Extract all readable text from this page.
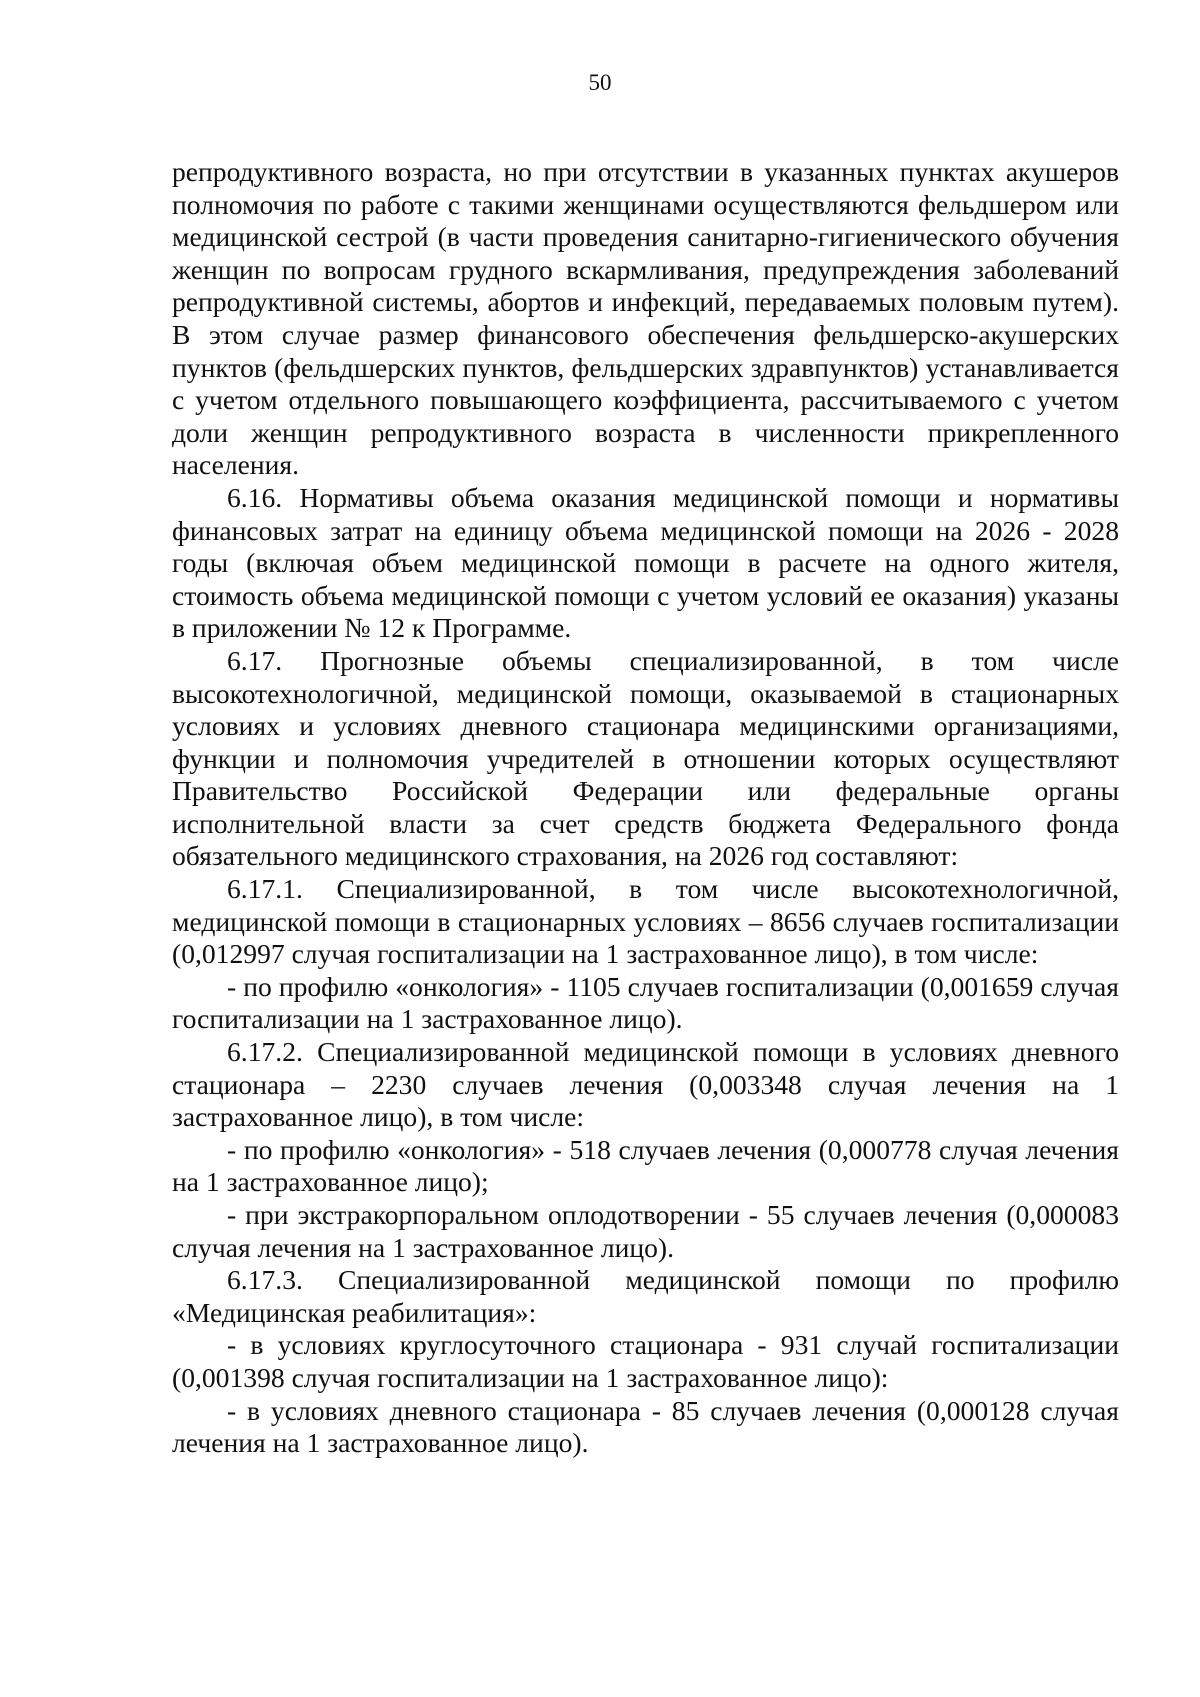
50

репродуктивного возраста, но при отсутствии в указанных пунктах акушеров полномочия по работе с такими женщинами осуществляются фельдшером или медицинской сестрой (в части проведения санитарно-гигиенического обучения женщин по вопросам грудного вскармливания, предупреждения заболеваний репродуктивной системы, абортов и инфекций, передаваемых половым путем). В этом случае размер финансового обеспечения фельдшерско-акушерских пунктов (фельдшерских пунктов, фельдшерских здравпунктов) устанавливается с учетом отдельного повышающего коэффициента, рассчитываемого с учетом доли женщин репродуктивного возраста в численности прикрепленного населения.

6.16. Нормативы объема оказания медицинской помощи и нормативы финансовых затрат на единицу объема медицинской помощи на 2026 - 2028 годы (включая объем медицинской помощи в расчете на одного жителя, стоимость объема медицинской помощи с учетом условий ее оказания) указаны в приложении № 12 к Программе.

6.17. Прогнозные объемы специализированной, в том числе высокотехнологичной, медицинской помощи, оказываемой в стационарных условиях и условиях дневного стационара медицинскими организациями, функции и полномочия учредителей в отношении которых осуществляют Правительство Российской Федерации или федеральные органы исполнительной власти за счет средств бюджета Федерального фонда обязательного медицинского страхования, на 2026 год составляют:

6.17.1. Специализированной, в том числе высокотехнологичной, медицинской помощи в стационарных условиях – 8656 случаев госпитализации (0,012997 случая госпитализации на 1 застрахованное лицо), в том числе:

- по профилю «онкология» - 1105 случаев госпитализации (0,001659 случая госпитализации на 1 застрахованное лицо).

6.17.2. Специализированной медицинской помощи в условиях дневного стационара – 2230 случаев лечения (0,003348 случая лечения на 1 застрахованное лицо), в том числе:

- по профилю «онкология» - 518 случаев лечения (0,000778 случая лечения на 1 застрахованное лицо);

- при экстракорпоральном оплодотворении - 55 случаев лечения (0,000083 случая лечения на 1 застрахованное лицо).

6.17.3. Специализированной медицинской помощи по профилю «Медицинская реабилитация»:

- в условиях круглосуточного стационара - 931 случай госпитализации (0,001398 случая госпитализации на 1 застрахованное лицо):

- в условиях дневного стационара - 85 случаев лечения (0,000128 случая лечения на 1 застрахованное лицо).
